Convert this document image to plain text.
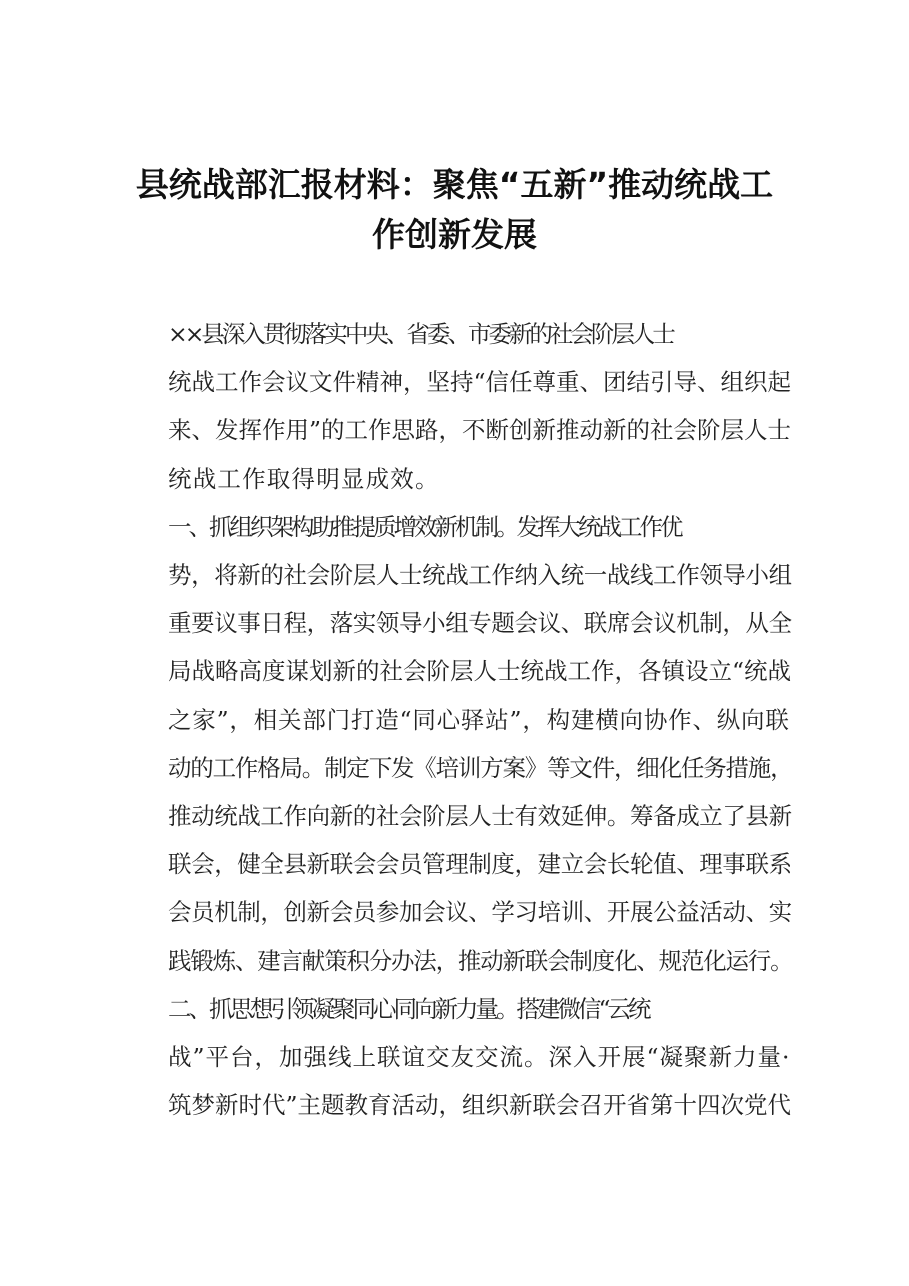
县统战部汇报材料：聚焦“五新”推动统战工
作创新发展

××县深入贯彻落实中央、省委、市委新的社会阶层人士
统战工作会议文件精神，坚持“信任尊重、团结引导、组织起
来、发挥作用”的工作思路，不断创新推动新的社会阶层人士
统战工作取得明显成效。

一、抓组织架构助推提质增效新机制。发挥大统战工作优
势，将新的社会阶层人士统战工作纳入统一战线工作领导小组
重要议事日程，落实领导小组专题会议、联席会议机制，从全
局战略高度谋划新的社会阶层人士统战工作，各镇设立“统战
之家”，相关部门打造“同心驿站”，构建横向协作、纵向联
动的工作格局。制定下发《培训方案》等文件，细化任务措施，
推动统战工作向新的社会阶层人士有效延伸。筹备成立了县新
联会，健全县新联会会员管理制度，建立会长轮值、理事联系
会员机制，创新会员参加会议、学习培训、开展公益活动、实
践锻炼、建言献策积分办法，推动新联会制度化、规范化运行。

二、抓思想引领凝聚同心同向新力量。搭建微信“云统
战”平台，加强线上联谊交友交流。深入开展“凝聚新力量·
筑梦新时代”主题教育活动，组织新联会召开省第十四次党代
